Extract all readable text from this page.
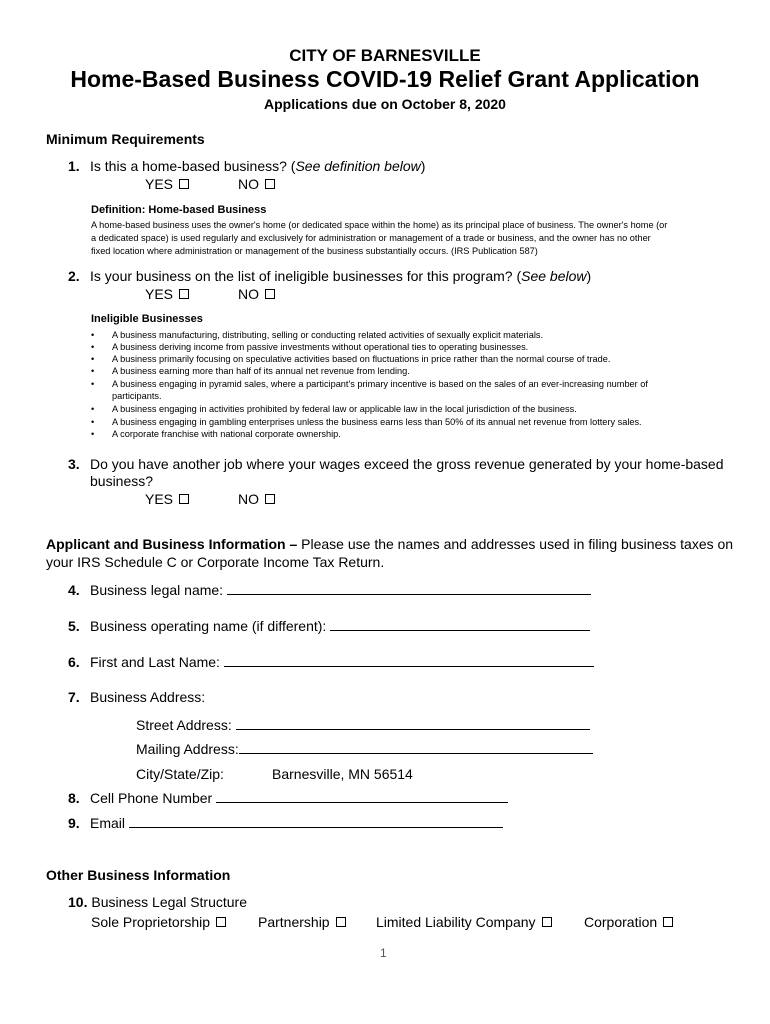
CITY OF BARNESVILLE
Home-Based Business COVID-19 Relief Grant Application
Applications due on October 8, 2020
Minimum Requirements
1. Is this a home-based business? (See definition below)
YES	NO
Definition: Home-based Business
A home-based business uses the owner's home (or dedicated space within the home) as its principal place of business. The owner's home (or
a dedicated space) is used regularly and exclusively for administration or management of a trade or business, and the owner has no other
fixed location where administration or management of the business substantially occurs. (IRS Publication 587)
2. Is your business on the list of ineligible businesses for this program? (See below)
YES	NO
Ineligible Businesses
• A business manufacturing, distributing, selling or conducting related activities of sexually explicit materials.
• A business deriving income from passive investments without operational ties to operating businesses.
• A business primarily focusing on speculative activities based on fluctuations in price rather than the normal course of trade.
• A business earning more than half of its annual net revenue from lending.
• A business engaging in pyramid sales, where a participant's primary incentive is based on the sales of an ever-increasing number of
participants.
• A business engaging in activities prohibited by federal law or applicable law in the local jurisdiction of the business.
• A business engaging in gambling enterprises unless the business earns less than 50% of its annual net revenue from lottery sales.
• A corporate franchise with national corporate ownership.
3. Do you have another job where your wages exceed the gross revenue generated by your home-based
business?
YES	NO
Applicant and Business Information – Please use the names and addresses used in filing business taxes on
your IRS Schedule C or Corporate Income Tax Return.
4. Business legal name:
5. Business operating name (if different):
6. First and Last Name:
7. Business Address:
Street Address:
Mailing Address:
City/State/Zip:	Barnesville, MN 56514
8. Cell Phone Number
9. Email
Other Business Information
10. Business Legal Structure
Sole Proprietorship	Partnership	Limited Liability Company	Corporation
1
